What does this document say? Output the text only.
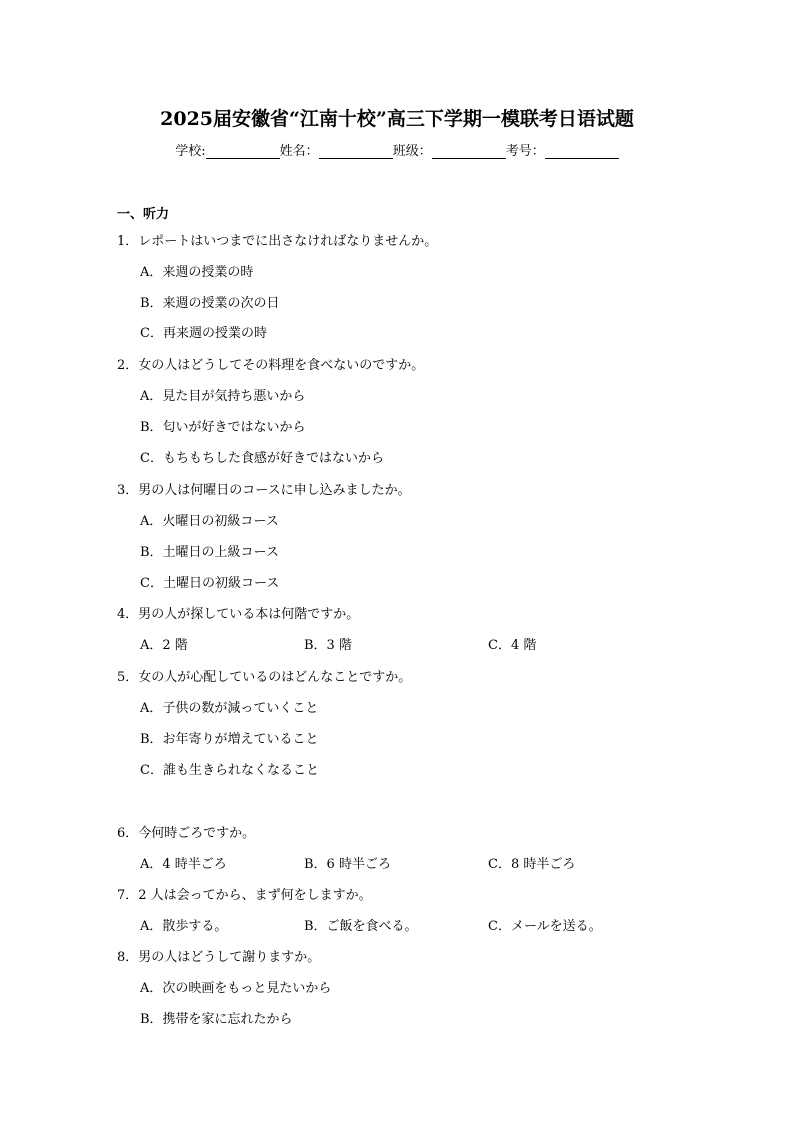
2025届安徽省“江南十校”高三下学期一模联考日语试题
学校:	姓名：	班级：	考号：
一、听力
1．レポートはいつまでに出さなければなりませんか。
A．来週の授業の時
B．来週の授業の次の日
C．再来週の授業の時
2．女の人はどうしてその料理を食べないのですか。
A．見た目が気持ち悪いから
B．匂いが好きではないから
C．もちもちした食感が好きではないから
3．男の人は何曜日のコースに申し込みましたか。
A．火曜日の初級コース
B．土曜日の上級コース
C．土曜日の初級コース
4．男の人が探している本は何階ですか。
A．2 階	B．3 階	C．4 階
5．女の人が心配しているのはどんなことですか。
A．子供の数が減っていくこと
B．お年寄りが増えていること
C．誰も生きられなくなること
6．今何時ごろですか。
A．4 時半ごろ	B．6 時半ごろ	C．8 時半ごろ
7．2 人は会ってから、まず何をしますか。
A．散歩する。	B．ご飯を食べる。	C．メールを送る。
8．男の人はどうして謝りますか。
A．次の映画をもっと見たいから
B．携帯を家に忘れたから
